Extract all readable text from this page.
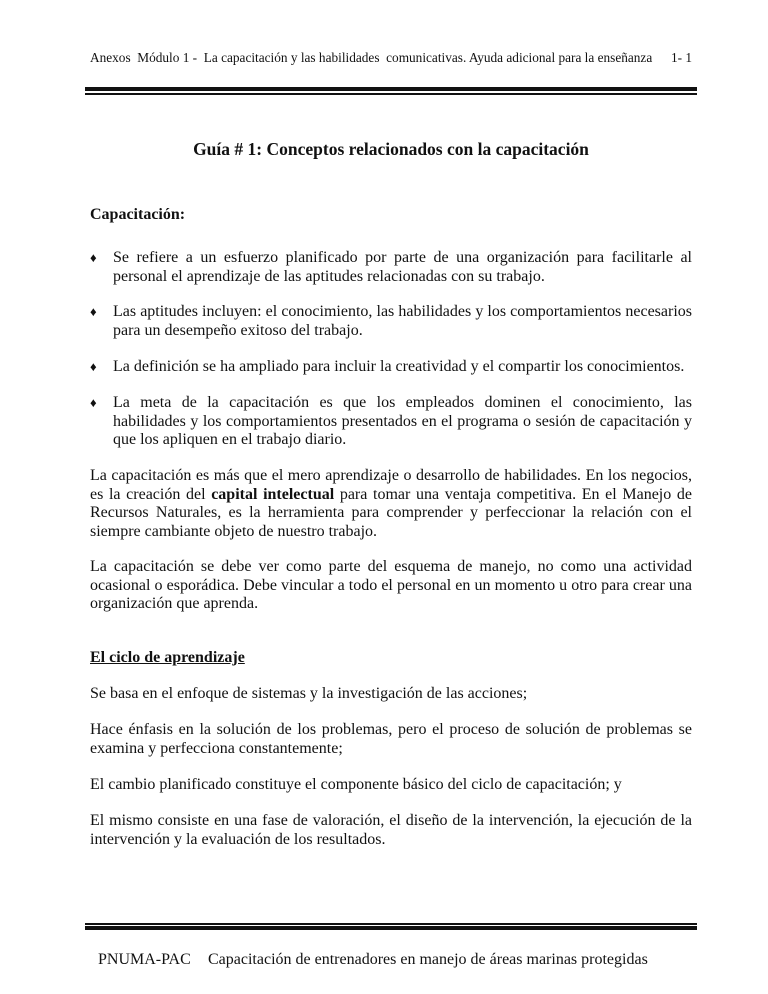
Anexos  Módulo 1 -  La capacitación y las habilidades  comunicativas. Ayuda adicional para la enseñanza 1- 1
Guía # 1: Conceptos relacionados con la capacitación
Capacitación:
♦ Se refiere a un esfuerzo planificado por parte de una organización para facilitarle al personal el aprendizaje de las aptitudes relacionadas con su trabajo.
♦ Las aptitudes incluyen: el conocimiento, las habilidades y los comportamientos necesarios para un desempeño exitoso del trabajo.
♦ La definición se ha ampliado para incluir la creatividad y el compartir los conocimientos.
♦ La meta de la capacitación es que los empleados dominen el conocimiento, las habilidades y los comportamientos presentados en el programa o sesión de capacitación y que los apliquen en el trabajo diario.
La capacitación es más que el mero aprendizaje o desarrollo de habilidades. En los negocios, es la creación del capital intelectual para tomar una ventaja competitiva. En el Manejo de Recursos Naturales, es la herramienta para comprender y perfeccionar la relación con el siempre cambiante objeto de nuestro trabajo.
La capacitación se debe ver como parte del esquema de manejo, no como una actividad ocasional o esporádica. Debe vincular a todo el personal en un momento u otro para crear una organización que aprenda.
El ciclo de aprendizaje
Se basa en el enfoque de sistemas y la investigación de las acciones;
Hace énfasis en la solución de los problemas, pero el proceso de solución de problemas se examina y perfecciona constantemente;
El cambio planificado constituye el componente básico del ciclo de capacitación; y
El mismo consiste en una fase de valoración, el diseño de la intervención, la ejecución de la intervención y la evaluación de los resultados.

PNUMA-PAC Capacitación de entrenadores en manejo de áreas marinas protegidas
